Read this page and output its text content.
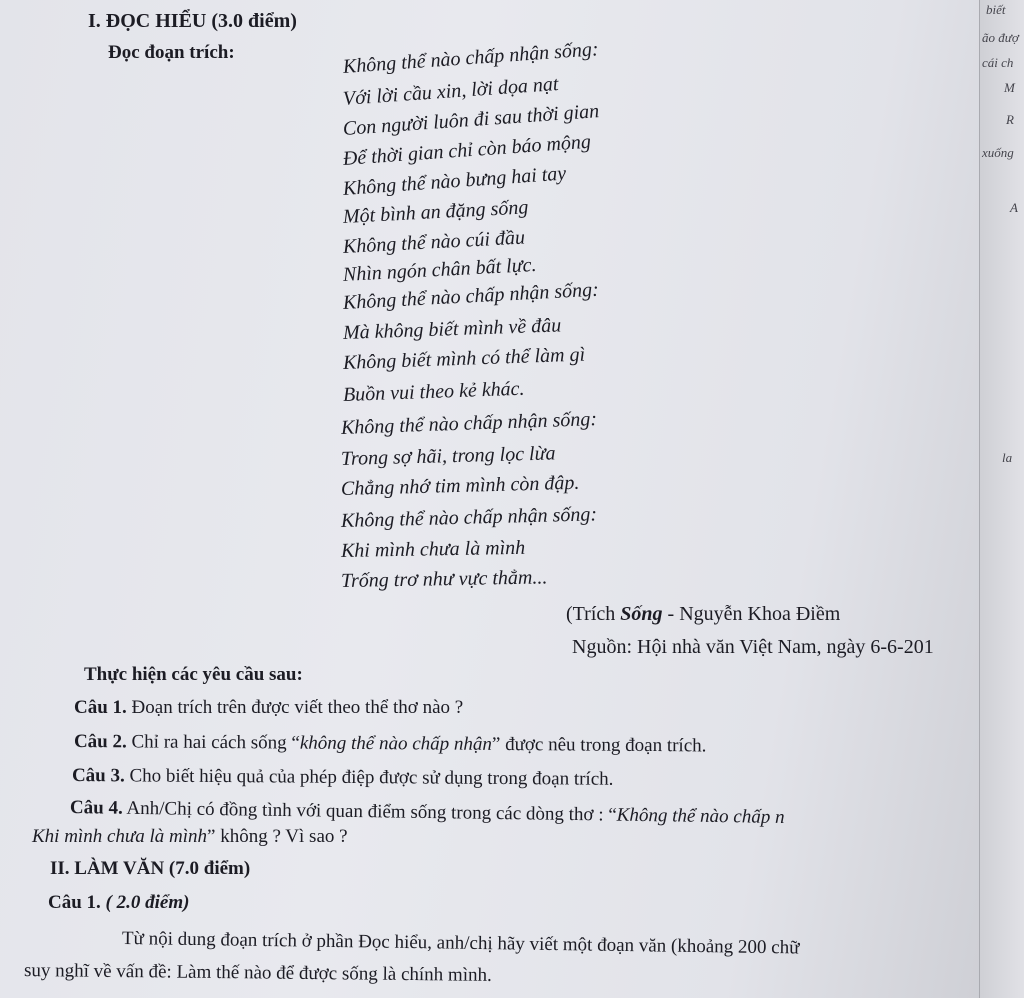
biết
ão đượ
cái ch
M
R
xuống
A
la
I. ĐỌC HIỂU (3.0 điểm)
Đọc đoạn trích:	Không thể nào chấp nhận sống:
Với lời cầu xin, lời dọa nạt
Con người luôn đi sau thời gian
Để thời gian chỉ còn báo mộng
Không thể nào bưng hai tay
Một bình an đặng sống
Không thể nào cúi đầu
Nhìn ngón chân bất lực.
Không thể nào chấp nhận sống:
Mà không biết mình về đâu
Không biết mình có thể làm gì
Buồn vui theo kẻ khác.
Không thể nào chấp nhận sống:
Trong sợ hãi, trong lọc lừa
Chẳng nhớ tim mình còn đập.
Không thể nào chấp nhận sống:
Khi mình chưa là mình
Trống trơ như vực thẳm...
(Trích Sống - Nguyễn Khoa Điềm
Nguồn: Hội nhà văn Việt Nam, ngày 6-6-201
Thực hiện các yêu cầu sau:
Câu 1. Đoạn trích trên được viết theo thể thơ nào ?
Câu 2. Chỉ ra hai cách sống “không thể nào chấp nhận” được nêu trong đoạn trích.
Câu 3. Cho biết hiệu quả của phép điệp được sử dụng trong đoạn trích.
Câu 4. Anh/Chị có đồng tình với quan điểm sống trong các dòng thơ : “Không thể nào chấp n
Khi mình chưa là mình” không ? Vì sao ?
II. LÀM VĂN (7.0 điểm)
Câu 1. ( 2.0 điểm)
Từ nội dung đoạn trích ở phần Đọc hiểu, anh/chị hãy viết một đoạn văn (khoảng 200 chữ
suy nghĩ về vấn đề: Làm thế nào để được sống là chính mình.
